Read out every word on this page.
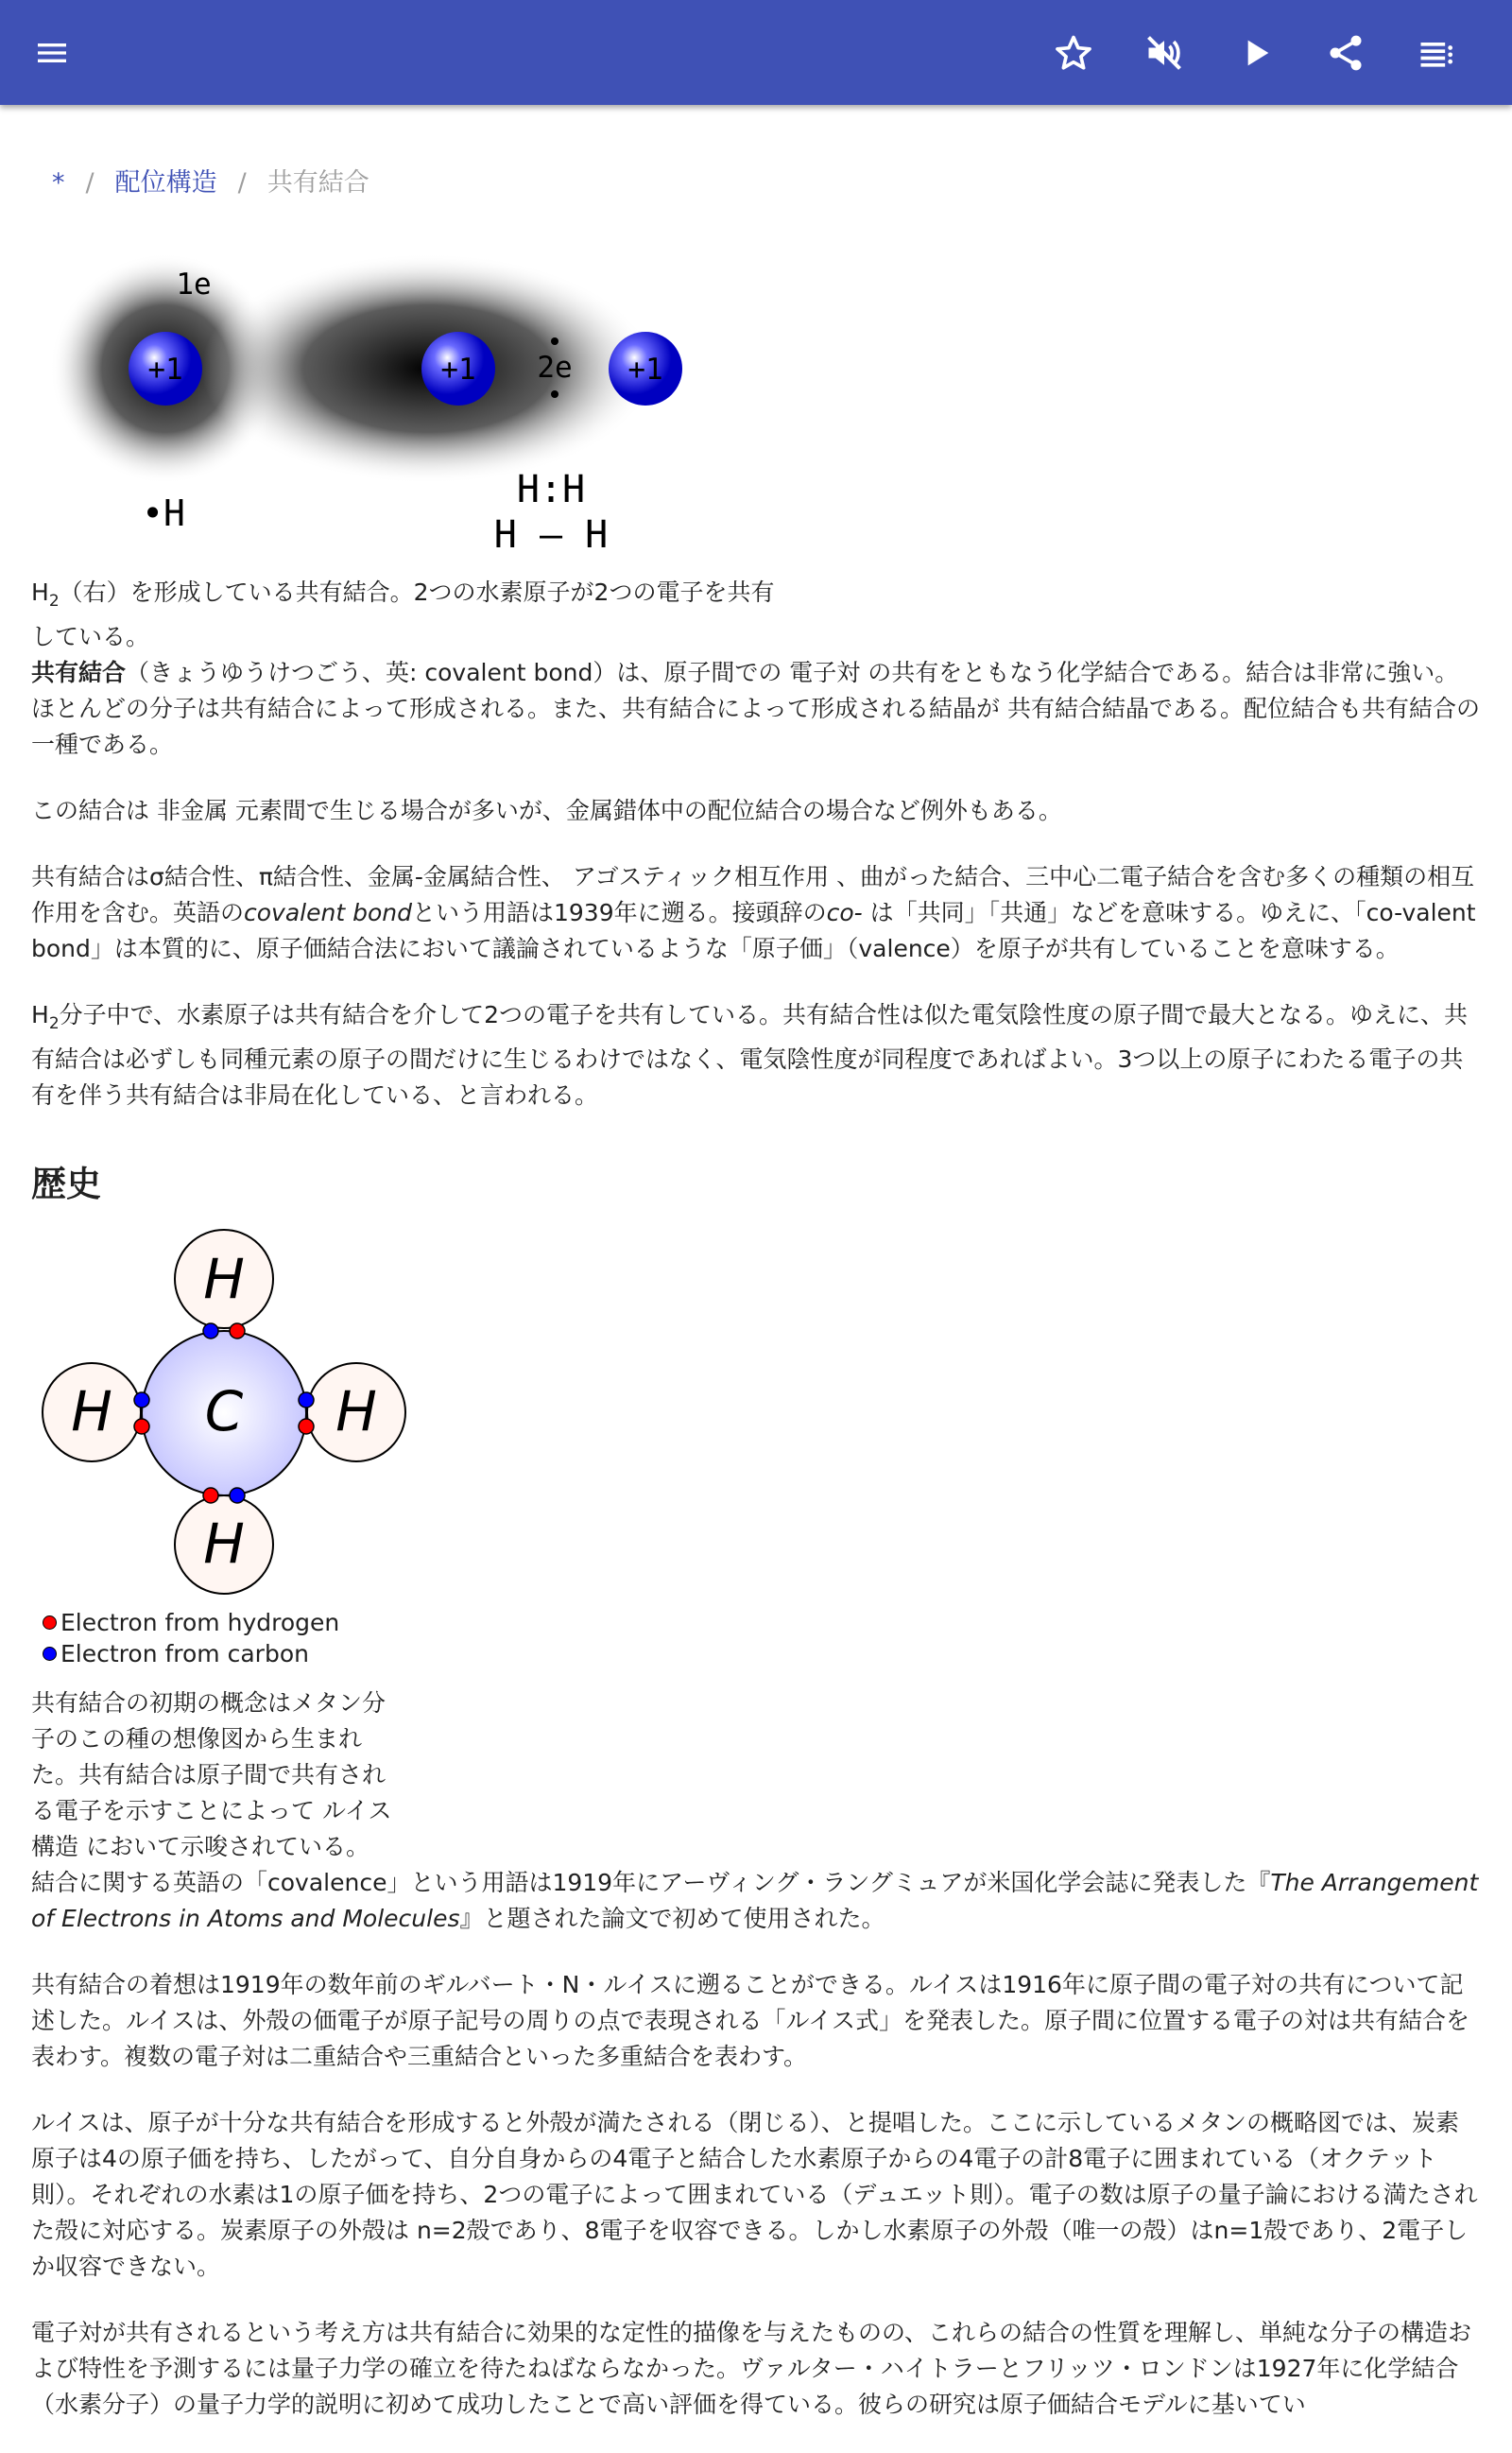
* / 配位構造 / 共有結合
+1	+1	+1
1e
2e
•H
H:H
H – H

$H_2$（右）を形成している共有結合。2つの水素原子が2つの電子を共有している。

共有結合（きょうゆうけつごう、英: covalent bond）は、原子間での 電子対 の共有をともなう化学結合である。結合は非常に強い。ほとんどの分子は共有結合によって形成される。また、共有結合によって形成される結晶が 共有結合結晶である。配位結合も共有結合の一種である。

この結合は 非金属 元素間で生じる場合が多いが、金属錯体中の配位結合の場合など例外もある。

共有結合はσ結合性、π結合性、金属-金属結合性、 アゴスティック相互作用 、曲がった結合、三中心二電子結合を含む多くの種類の相互作用を含む。英語のcovalent bondという用語は1939年に遡る。接頭辞のco- は「共同」「共通」などを意味する。ゆえに、「co-valent bond」は本質的に、原子価結合法において議論されているような「原子価」（valence）を原子が共有していることを意味する。

$H_2$分子中で、水素原子は共有結合を介して2つの電子を共有している。共有結合性は似た電気陰性度の原子間で最大となる。ゆえに、共有結合は必ずしも同種元素の原子の間だけに生じるわけではなく、電気陰性度が同程度であればよい。3つ以上の原子にわたる電子の共有を伴う共有結合は非局在化している、と言われる。

歴史
C
H
H	H
H
Electron from hydrogen
Electron from carbon

共有結合の初期の概念はメタン分子のこの種の想像図から生まれた。共有結合は原子間で共有される電子を示すことによって ルイス構造 において示唆されている。

結合に関する英語の「covalence」という用語は1919年にアーヴィング・ラングミュアが米国化学会誌に発表した『The Arrangement of Electrons in Atoms and Molecules』と題された論文で初めて使用された。

共有結合の着想は1919年の数年前のギルバート・N・ルイスに遡ることができる。ルイスは1916年に原子間の電子対の共有について記述した。ルイスは、外殻の価電子が原子記号の周りの点で表現される「ルイス式」を発表した。原子間に位置する電子の対は共有結合を表わす。複数の電子対は二重結合や三重結合といった多重結合を表わす。

ルイスは、原子が十分な共有結合を形成すると外殻が満たされる（閉じる）、と提唱した。ここに示しているメタンの概略図では、炭素原子は4の原子価を持ち、したがって、自分自身からの4電子と結合した水素原子からの4電子の計8電子に囲まれている（オクテット則）。それぞれの水素は1の原子価を持ち、2つの電子によって囲まれている（デュエット則）。電子の数は原子の量子論における満たされた殻に対応する。炭素原子の外殻は n=2殻であり、8電子を収容できる。しかし水素原子の外殻（唯一の殻）はn=1殻であり、2電子しか収容できない。

電子対が共有されるという考え方は共有結合に効果的な定性的描像を与えたものの、これらの結合の性質を理解し、単純な分子の構造および特性を予測するには量子力学の確立を待たねばならなかった。ヴァルター・ハイトラーとフリッツ・ロンドンは1927年に化学結合（水素分子）の量子力学的説明に初めて成功したことで高い評価を得ている。彼らの研究は原子価結合モデルに基いてい
